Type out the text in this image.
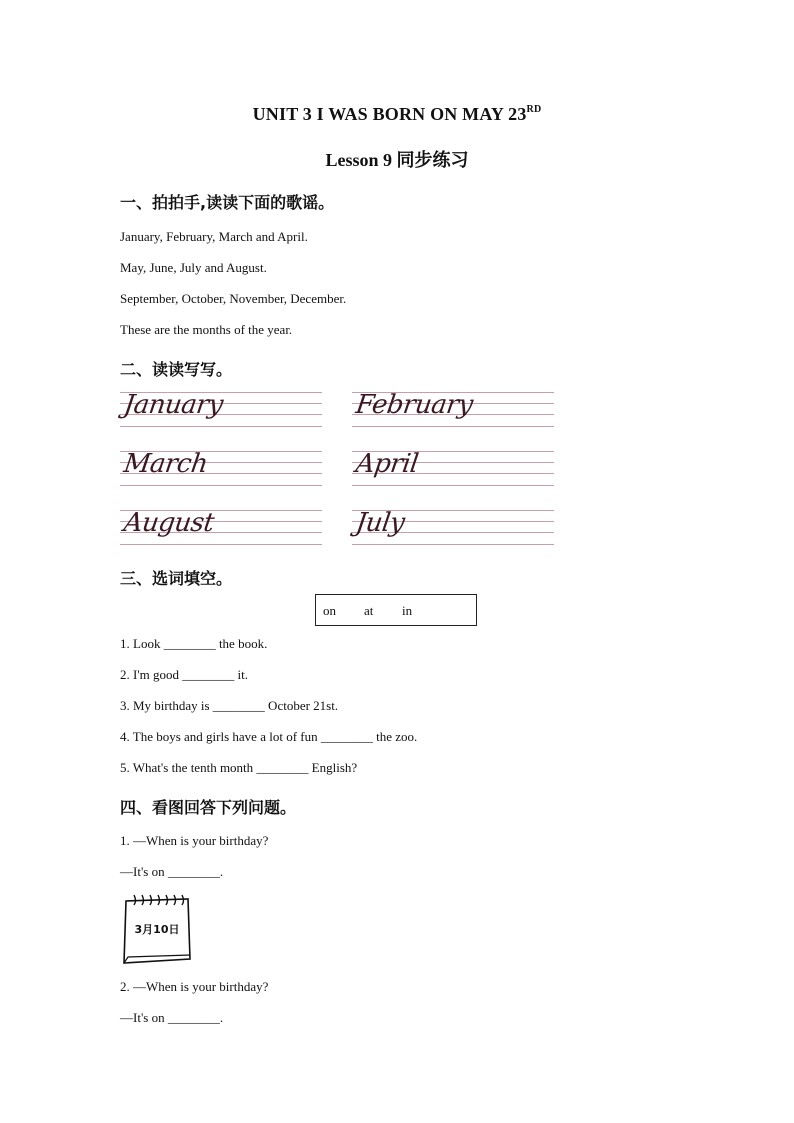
UNIT 3 I WAS BORN ON MAY 23RD
Lesson 9 同步练习
一、拍拍手,读读下面的歌谣。
January, February, March and April.
May, June, July and August.
September, October, November, December.
These are the months of the year.
二、读读写写。
January	February
March	April
August	July
三、选词填空。
on at in
1. Look ________ the book.
2. I'm good ________ it.
3. My birthday is ________ October 21st.
4. The boys and girls have a lot of fun ________ the zoo.
5. What's the tenth month ________ English?
四、看图回答下列问题。
1. —When is your birthday?
—It's on ________.
3月10日
2. —When is your birthday?
—It's on ________.
